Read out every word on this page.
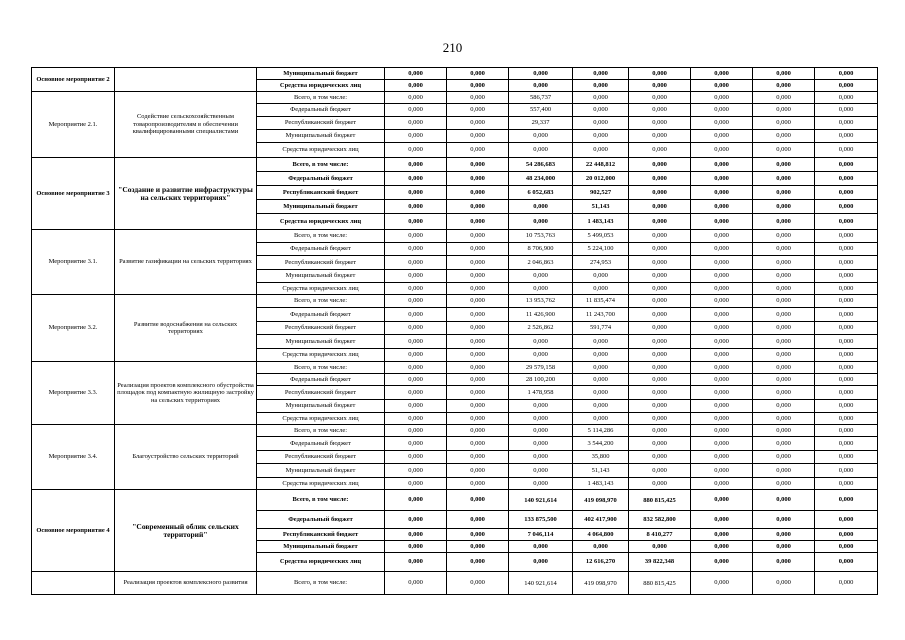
210
Основное мероприятие 2		Муниципальный бюджет	0,000	0,000	0,000	0,000	0,000	0,000	0,000	0,000
		Средства юридических лиц	0,000	0,000	0,000	0,000	0,000	0,000	0,000	0,000
Мероприятие 2.1.	Содействие сельскохозяйственным товаропроизводителям в обеспечении квалифицированными специалистами	Всего, в том числе:	0,000	0,000	586,737	0,000	0,000	0,000	0,000	0,000
		Федеральный бюджет	0,000	0,000	557,400	0,000	0,000	0,000	0,000	0,000
		Республиканский бюджет	0,000	0,000	29,337	0,000	0,000	0,000	0,000	0,000
		Муниципальный бюджет	0,000	0,000	0,000	0,000	0,000	0,000	0,000	0,000
		Средства юридических лиц	0,000	0,000	0,000	0,000	0,000	0,000	0,000	0,000
Основное мероприятие 3	"Создание и развитие инфраструктуры на сельских территориях"	Всего, в том числе:	0,000	0,000	54 286,683	22 448,812	0,000	0,000	0,000	0,000
		Федеральный бюджет	0,000	0,000	48 234,000	20 012,000	0,000	0,000	0,000	0,000
		Республиканский бюджет	0,000	0,000	6 052,683	902,527	0,000	0,000	0,000	0,000
		Муниципальный бюджет	0,000	0,000	0,000	51,143	0,000	0,000	0,000	0,000
		Средства юридических лиц	0,000	0,000	0,000	1 483,143	0,000	0,000	0,000	0,000
Мероприятие 3.1.	Развитие газификации на сельских территориях	Всего, в том числе:	0,000	0,000	10 753,763	5 499,053	0,000	0,000	0,000	0,000
		Федеральный бюджет	0,000	0,000	8 706,900	5 224,100	0,000	0,000	0,000	0,000
		Республиканский бюджет	0,000	0,000	2 046,863	274,953	0,000	0,000	0,000	0,000
		Муниципальный бюджет	0,000	0,000	0,000	0,000	0,000	0,000	0,000	0,000
		Средства юридических лиц	0,000	0,000	0,000	0,000	0,000	0,000	0,000	0,000
Мероприятие 3.2.	Развитие водоснабжения на сельских территориях	Всего, в том числе:	0,000	0,000	13 953,762	11 835,474	0,000	0,000	0,000	0,000
		Федеральный бюджет	0,000	0,000	11 426,900	11 243,700	0,000	0,000	0,000	0,000
		Республиканский бюджет	0,000	0,000	2 526,862	591,774	0,000	0,000	0,000	0,000
		Муниципальный бюджет	0,000	0,000	0,000	0,000	0,000	0,000	0,000	0,000
		Средства юридических лиц	0,000	0,000	0,000	0,000	0,000	0,000	0,000	0,000
Мероприятие 3.3.	Реализация проектов комплексного обустройства площадок под компактную жилищную застройку на сельских территориях	Всего, в том числе:	0,000	0,000	29 579,158	0,000	0,000	0,000	0,000	0,000
		Федеральный бюджет	0,000	0,000	28 100,200	0,000	0,000	0,000	0,000	0,000
		Республиканский бюджет	0,000	0,000	1 478,958	0,000	0,000	0,000	0,000	0,000
		Муниципальный бюджет	0,000	0,000	0,000	0,000	0,000	0,000	0,000	0,000
		Средства юридических лиц	0,000	0,000	0,000	0,000	0,000	0,000	0,000	0,000
Мероприятие 3.4.	Благоустройство сельских территорий	Всего, в том числе:	0,000	0,000	0,000	5 114,286	0,000	0,000	0,000	0,000
		Федеральный бюджет	0,000	0,000	0,000	3 544,200	0,000	0,000	0,000	0,000
		Республиканский бюджет	0,000	0,000	0,000	35,800	0,000	0,000	0,000	0,000
		Муниципальный бюджет	0,000	0,000	0,000	51,143	0,000	0,000	0,000	0,000
		Средства юридических лиц	0,000	0,000	0,000	1 483,143	0,000	0,000	0,000	0,000
Основное мероприятие 4	"Современный облик сельских территорий"	Всего, в том числе:	0,000	0,000	140 921,614	419 098,970	880 815,425	0,000	0,000	0,000
		Федеральный бюджет	0,000	0,000	133 875,500	402 417,900	832 582,800	0,000	0,000	0,000
		Республиканский бюджет	0,000	0,000	7 046,114	4 064,800	8 410,277	0,000	0,000	0,000
		Муниципальный бюджет	0,000	0,000	0,000	0,000	0,000	0,000	0,000	0,000
		Средства юридических лиц	0,000	0,000	0,000	12 616,270	39 822,348	0,000	0,000	0,000
	Реализация проектов комплексного развития	Всего, в том числе:	0,000	0,000	140 921,614	419 098,970	880 815,425	0,000	0,000	0,000
